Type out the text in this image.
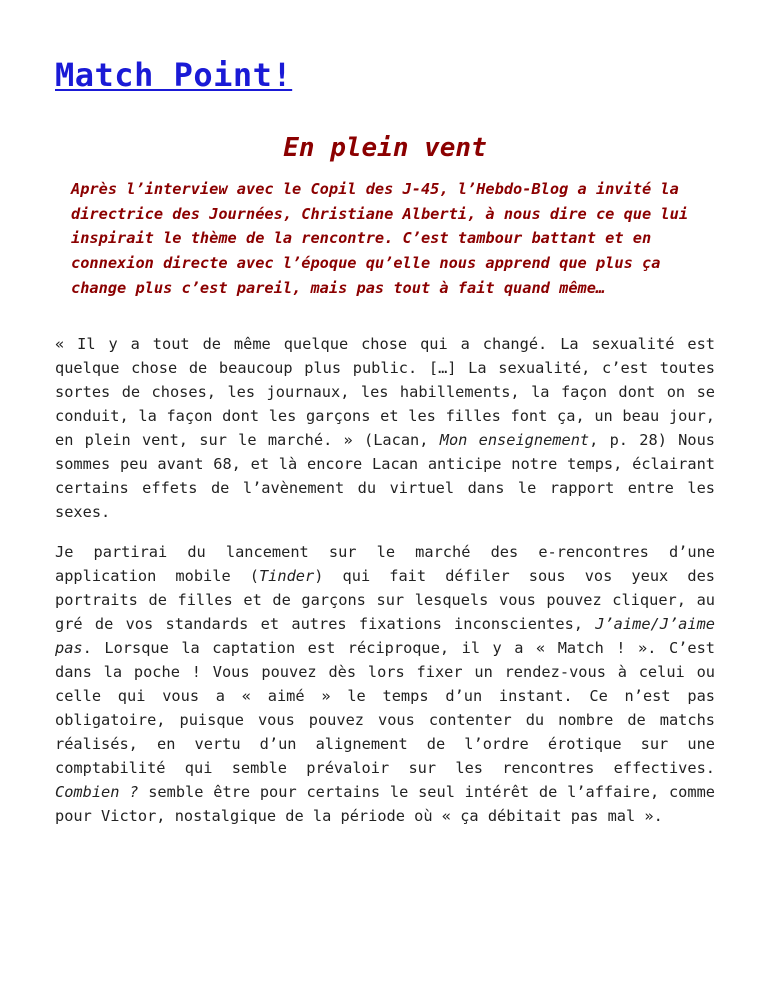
Match Point!
En plein vent

Après l’interview avec le Copil des J-45, l’Hebdo-Blog a invité la directrice des Journées, Christiane Alberti, à nous dire ce que lui inspirait le thème de la rencontre. C’est tambour battant et en connexion directe avec l’époque qu’elle nous apprend que plus ça change plus c’est pareil, mais pas tout à fait quand même…

« Il y a tout de même quelque chose qui a changé. La sexualité est quelque chose de beaucoup plus public. […] La sexualité, c’est toutes sortes de choses, les journaux, les habillements, la façon dont on se conduit, la façon dont les garçons et les filles font ça, un beau jour, en plein vent, sur le marché. » (Lacan, Mon enseignement, p. 28) Nous sommes peu avant 68, et là encore Lacan anticipe notre temps, éclairant certains effets de l’avènement du virtuel dans le rapport entre les sexes.

Je partirai du lancement sur le marché des e-rencontres d’une application mobile (Tinder) qui fait défiler sous vos yeux des portraits de filles et de garçons sur lesquels vous pouvez cliquer, au gré de vos standards et autres fixations inconscientes, J’aime/J’aime pas. Lorsque la captation est réciproque, il y a « Match ! ». C’est dans la poche ! Vous pouvez dès lors fixer un rendez-vous à celui ou celle qui vous a « aimé » le temps d’un instant. Ce n’est pas obligatoire, puisque vous pouvez vous contenter du nombre de matchs réalisés, en vertu d’un alignement de l’ordre érotique sur une comptabilité qui semble prévaloir sur les rencontres effectives. Combien ? semble être pour certains le seul intérêt de l’affaire, comme pour Victor, nostalgique de la période où « ça débitait pas mal ».
